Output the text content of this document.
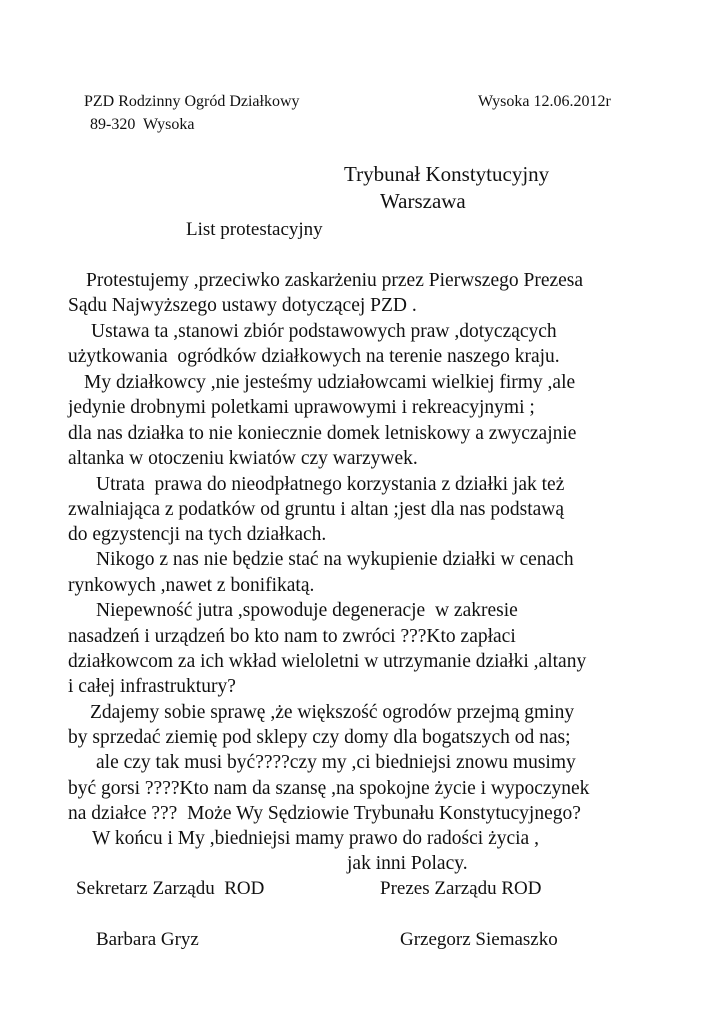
PZD Rodzinny Ogród Działkowy	Wysoka 12.06.2012r
89-320  Wysoka
Trybunał Konstytucyjny
Warszawa
List protestacyjny
Protestujemy ,przeciwko zaskarżeniu przez Pierwszego Prezesa
Sądu Najwyższego ustawy dotyczącej PZD .
Ustawa ta ,stanowi zbiór podstawowych praw ,dotyczących
użytkowania  ogródków działkowych na terenie naszego kraju.
My działkowcy ,nie jesteśmy udziałowcami wielkiej firmy ,ale
jedynie drobnymi poletkami uprawowymi i rekreacyjnymi ;
dla nas działka to nie koniecznie domek letniskowy a zwyczajnie
altanka w otoczeniu kwiatów czy warzywek.
Utrata  prawa do nieodpłatnego korzystania z działki jak też
zwalniająca z podatków od gruntu i altan ;jest dla nas podstawą
do egzystencji na tych działkach.
Nikogo z nas nie będzie stać na wykupienie działki w cenach
rynkowych ,nawet z bonifikatą.
Niepewność jutra ,spowoduje degeneracje  w zakresie
nasadzeń i urządzeń bo kto nam to zwróci ???Kto zapłaci
działkowcom za ich wkład wieloletni w utrzymanie działki ,altany
i całej infrastruktury?
Zdajemy sobie sprawę ,że większość ogrodów przejmą gminy
by sprzedać ziemię pod sklepy czy domy dla bogatszych od nas;
ale czy tak musi być????czy my ,ci biedniejsi znowu musimy
być gorsi ????Kto nam da szansę ,na spokojne życie i wypoczynek
na działce ???  Może Wy Sędziowie Trybunału Konstytucyjnego?
W końcu i My ,biedniejsi mamy prawo do radości życia ,
jak inni Polacy.
Sekretarz Zarządu  ROD	Prezes Zarządu ROD
Barbara Gryz	Grzegorz Siemaszko
